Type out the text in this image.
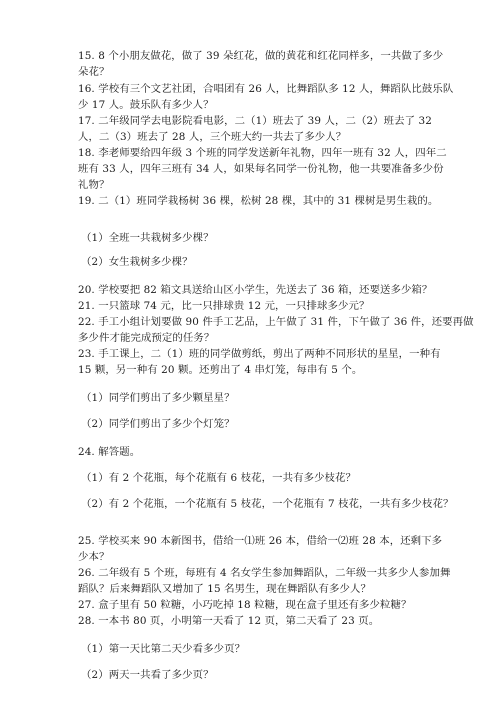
15. 8 个小朋友做花，做了 39 朵红花，做的黄花和红花同样多，一共做了多少
朵花？
16. 学校有三个文艺社团，合唱团有 26 人，比舞蹈队多 12 人，舞蹈队比鼓乐队
少 17 人。鼓乐队有多少人？
17. 二年级同学去电影院看电影，二（1）班去了 39 人，二（2）班去了 32
人，二（3）班去了 28 人，三个班大约一共去了多少人？
18. 李老师要给四年级 3 个班的同学发送新年礼物，四年一班有 32 人，四年二
班有 33 人，四年三班有 34 人，如果每名同学一份礼物，他一共要准备多少份
礼物？
19. 二（1）班同学栽杨树 36 棵，松树 28 棵，其中的 31 棵树是男生栽的。
（1）全班一共栽树多少棵？
（2）女生栽树多少棵？
20. 学校要把 82 箱文具送给山区小学生，先送去了 36 箱，还要送多少箱？
21. 一只篮球 74 元，比一只排球贵 12 元，一只排球多少元？
22. 手工小组计划要做 90 件手工艺品，上午做了 31 件，下午做了 36 件，还要再做
多少件才能完成预定的任务？
23. 手工课上，二（1）班的同学做剪纸，剪出了两种不同形状的星星，一种有
15 颗，另一种有 20 颗。还剪出了 4 串灯笼，每串有 5 个。
（1）同学们剪出了多少颗星星？
（2）同学们剪出了多少个灯笼？
24. 解答题。
（1）有 2 个花瓶，每个花瓶有 6 枝花，一共有多少枝花？
（2）有 2 个花瓶，一个花瓶有 5 枝花，一个花瓶有 7 枝花，一共有多少枝花？
25. 学校买来 90 本新图书，借给一⑴班 26 本，借给一⑵班 28 本，还剩下多
少本？
26. 二年级有 5 个班，每班有 4 名女学生参加舞蹈队，二年级一共多少人参加舞
蹈队？后来舞蹈队又增加了 15 名男生，现在舞蹈队有多少人？
27. 盒子里有 50 粒糖，小巧吃掉 18 粒糖，现在盒子里还有多少粒糖？
28. 一本书 80 页，小明第一天看了 12 页，第二天看了 23 页。
（1）第一天比第二天少看多少页？
（2）两天一共看了多少页？
